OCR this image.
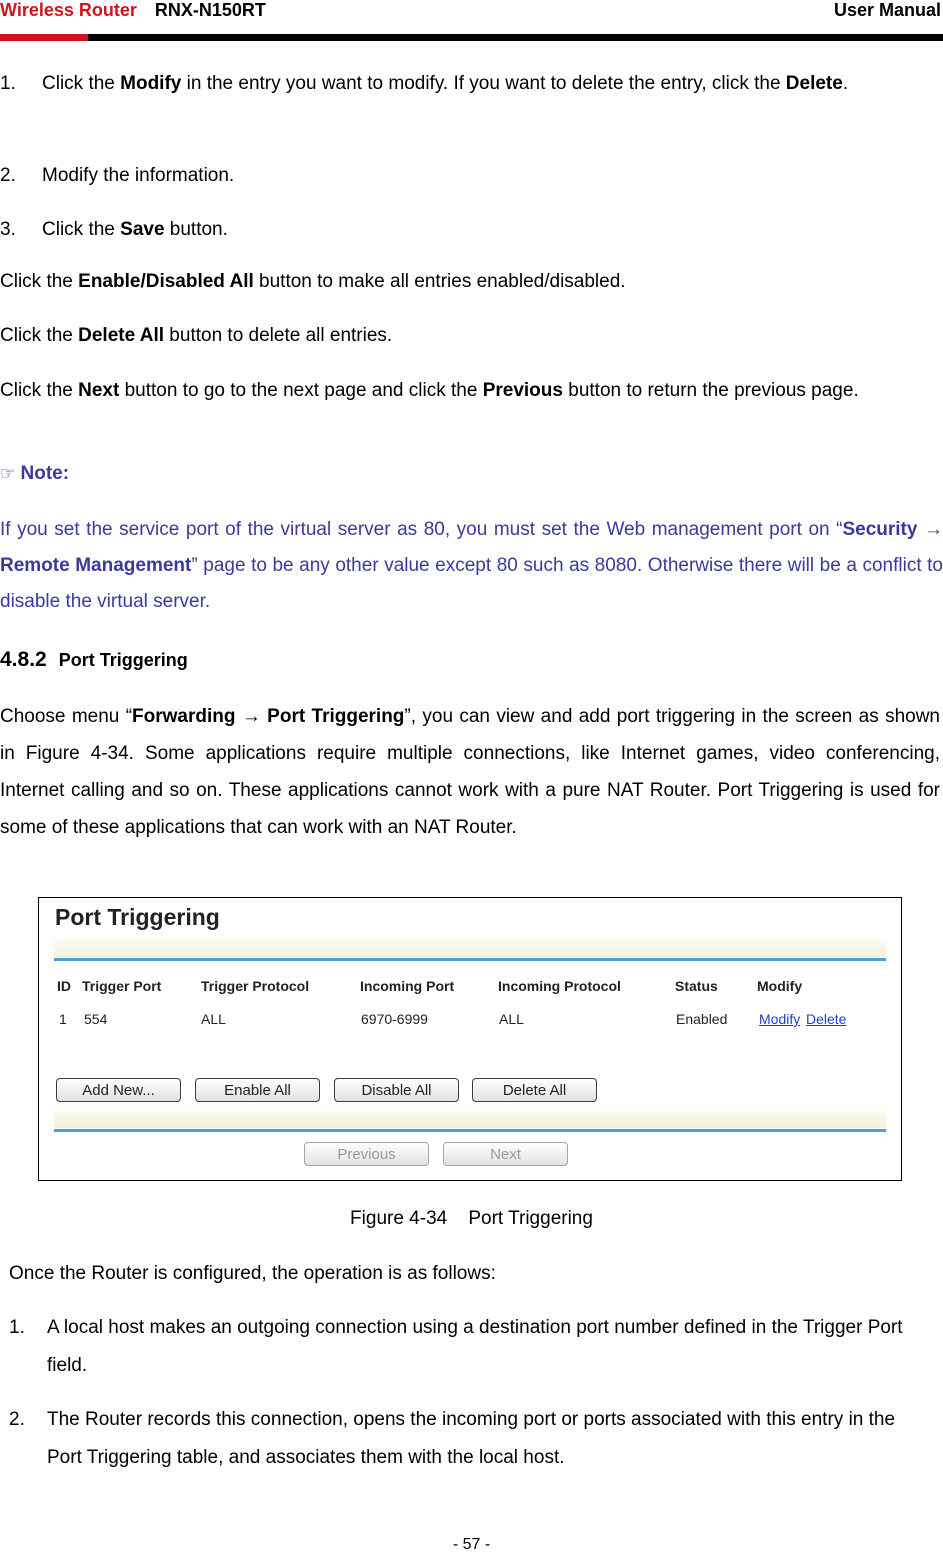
Wireless Router RNX-N150RT	User Manual
1. Click the Modify in the entry you want to modify. If you want to delete the entry, click the Delete.
2. Modify the information.
3. Click the Save button.
Click the Enable/Disabled All button to make all entries enabled/disabled.
Click the Delete All button to delete all entries.
Click the Next button to go to the next page and click the Previous button to return the previous page.
☞ Note:
If you set the service port of the virtual server as 80, you must set the Web management port on “Security → Remote Management” page to be any other value except 80 such as 8080. Otherwise there will be a conflict to disable the virtual server.
4.8.2 Port Triggering
Choose menu “Forwarding → Port Triggering”, you can view and add port triggering in the screen as shown in Figure 4-34. Some applications require multiple connections, like Internet games, video conferencing, Internet calling and so on. These applications cannot work with a pure NAT Router. Port Triggering is used for some of these applications that can work with an NAT Router.
Port Triggering
ID Trigger Port	Trigger Protocol	Incoming Port	Incoming Protocol	Status	Modify
1 554	ALL	6970-6999	ALL	Enabled Modify Delete
Add New...	Enable All	Disable All	Delete All
Previous	Next
Figure 4-34    Port Triggering
Once the Router is configured, the operation is as follows:
1. A local host makes an outgoing connection using a destination port number defined in the Trigger Port field.
2. The Router records this connection, opens the incoming port or ports associated with this entry in the Port Triggering table, and associates them with the local host.
- 57 -
